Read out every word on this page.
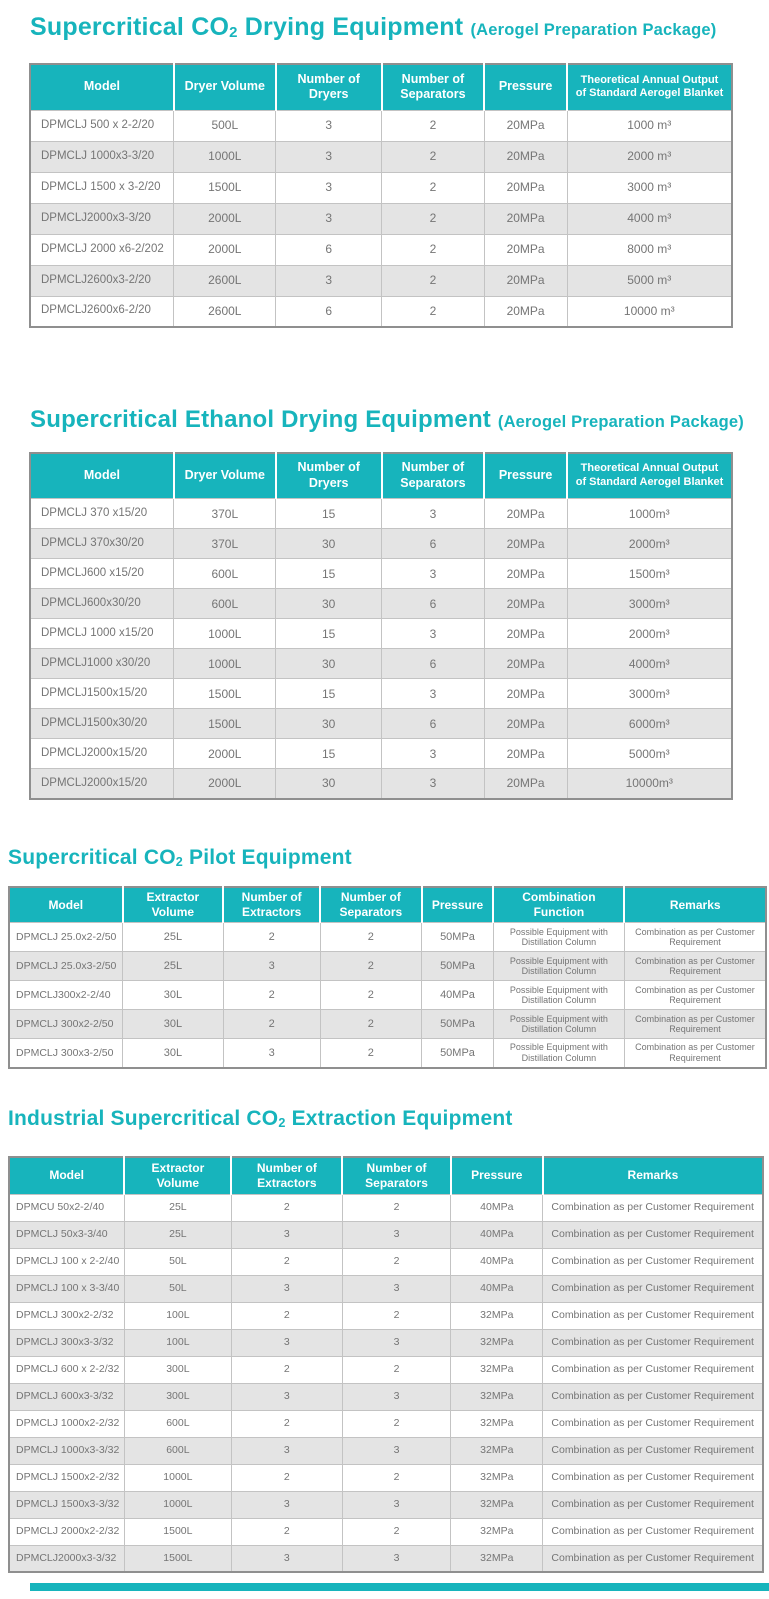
Supercritical CO2 Drying Equipment (Aerogel Preparation Package)
Model	Dryer Volume	Number of Dryers	Number of Separators	Pressure	Theoretical Annual Output of Standard Aerogel Blanket
DPMCLJ 500 x 2-2/20	500L	3	2	20MPa	1000 m³
DPMCLJ 1000x3-3/20	1000L	3	2	20MPa	2000 m³
DPMCLJ 1500 x 3-2/20	1500L	3	2	20MPa	3000 m³
DPMCLJ2000x3-3/20	2000L	3	2	20MPa	4000 m³
DPMCLJ 2000 x6-2/202	2000L	6	2	20MPa	8000 m³
DPMCLJ2600x3-2/20	2600L	3	2	20MPa	5000 m³
DPMCLJ2600x6-2/20	2600L	6	2	20MPa	10000 m³
Supercritical Ethanol Drying Equipment (Aerogel Preparation Package)
Model	Dryer Volume	Number of Dryers	Number of Separators	Pressure	Theoretical Annual Output of Standard Aerogel Blanket
DPMCLJ 370 x15/20	370L	15	3	20MPa	1000m³
DPMCLJ 370x30/20	370L	30	6	20MPa	2000m³
DPMCLJ600 x15/20	600L	15	3	20MPa	1500m³
DPMCLJ600x30/20	600L	30	6	20MPa	3000m³
DPMCLJ 1000 x15/20	1000L	15	3	20MPa	2000m³
DPMCLJ1000 x30/20	1000L	30	6	20MPa	4000m³
DPMCLJ1500x15/20	1500L	15	3	20MPa	3000m³
DPMCLJ1500x30/20	1500L	30	6	20MPa	6000m³
DPMCLJ2000x15/20	2000L	15	3	20MPa	5000m³
DPMCLJ2000x15/20	2000L	30	3	20MPa	10000m³
Supercritical CO2 Pilot Equipment
Model	Extractor Volume	Number of Extractors	Number of Separators	Pressure	Combination Function	Remarks
DPMCLJ 25.0x2-2/50	25L	2	2	50MPa	Possible Equipment with Distillation Column	Combination as per Customer Requirement
DPMCLJ 25.0x3-2/50	25L	3	2	50MPa	Possible Equipment with Distillation Column	Combination as per Customer Requirement
DPMCLJ300x2-2/40	30L	2	2	40MPa	Possible Equipment with Distillation Column	Combination as per Customer Requirement
DPMCLJ 300x2-2/50	30L	2	2	50MPa	Possible Equipment with Distillation Column	Combination as per Customer Requirement
DPMCLJ 300x3-2/50	30L	3	2	50MPa	Possible Equipment with Distillation Column	Combination as per Customer Requirement
Industrial Supercritical CO2 Extraction Equipment
Model	Extractor Volume	Number of Extractors	Number of Separators	Pressure	Remarks
DPMCU 50x2-2/40	25L	2	2	40MPa	Combination as per Customer Requirement
DPMCLJ 50x3-3/40	25L	3	3	40MPa	Combination as per Customer Requirement
DPMCLJ 100 x 2-2/40	50L	2	2	40MPa	Combination as per Customer Requirement
DPMCLJ 100 x 3-3/40	50L	3	3	40MPa	Combination as per Customer Requirement
DPMCLJ 300x2-2/32	100L	2	2	32MPa	Combination as per Customer Requirement
DPMCLJ 300x3-3/32	100L	3	3	32MPa	Combination as per Customer Requirement
DPMCLJ 600 x 2-2/32	300L	2	2	32MPa	Combination as per Customer Requirement
DPMCLJ 600x3-3/32	300L	3	3	32MPa	Combination as per Customer Requirement
DPMCLJ 1000x2-2/32	600L	2	2	32MPa	Combination as per Customer Requirement
DPMCLJ 1000x3-3/32	600L	3	3	32MPa	Combination as per Customer Requirement
DPMCLJ 1500x2-2/32	1000L	2	2	32MPa	Combination as per Customer Requirement
DPMCLJ 1500x3-3/32	1000L	3	3	32MPa	Combination as per Customer Requirement
DPMCLJ 2000x2-2/32	1500L	2	2	32MPa	Combination as per Customer Requirement
DPMCLJ2000x3-3/32	1500L	3	3	32MPa	Combination as per Customer Requirement
